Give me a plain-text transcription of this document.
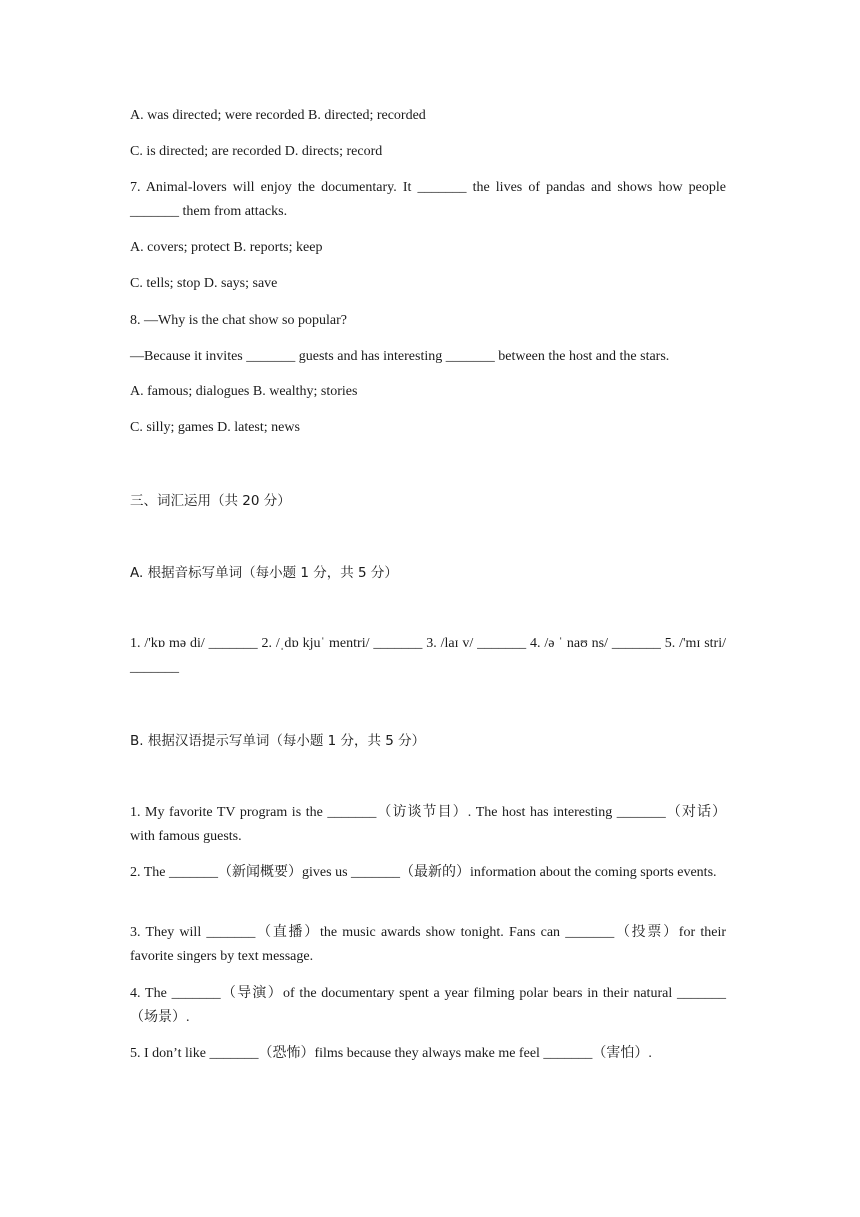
A. was directed; were recorded B. directed; recorded
C. is directed; are recorded D. directs; record
7. Animal-lovers will enjoy the documentary. It _______ the lives of pandas and shows how people _______ them from attacks.
A. covers; protect B. reports; keep
C. tells; stop D. says; save
8. —Why is the chat show so popular?
—Because it invites _______ guests and has interesting _______ between the host and the stars.
A. famous; dialogues B. wealthy; stories
C. silly; games D. latest; news
三、词汇运用（共 20 分）
A. 根据音标写单词（每小题 1 分，共 5 分）
1. /'kɒ mə di/ _______ 2. /ˌdɒ kjuˈ mentri/ _______ 3. /laɪ v/ _______ 4. /ə ˈ naʊ ns/ _______ 5. /'mɪ stri/ _______
B. 根据汉语提示写单词（每小题 1 分，共 5 分）
1. My favorite TV program is the _______（访谈节目）. The host has interesting _______（对话）with famous guests.
2. The _______（新闻概要）gives us _______（最新的）information about the coming sports events.
3. They will _______（直播）the music awards show tonight. Fans can _______（投票）for their favorite singers by text message.
4. The _______（导演）of the documentary spent a year filming polar bears in their natural _______（场景）.
5. I don’t like _______（恐怖）films because they always make me feel _______（害怕）.
